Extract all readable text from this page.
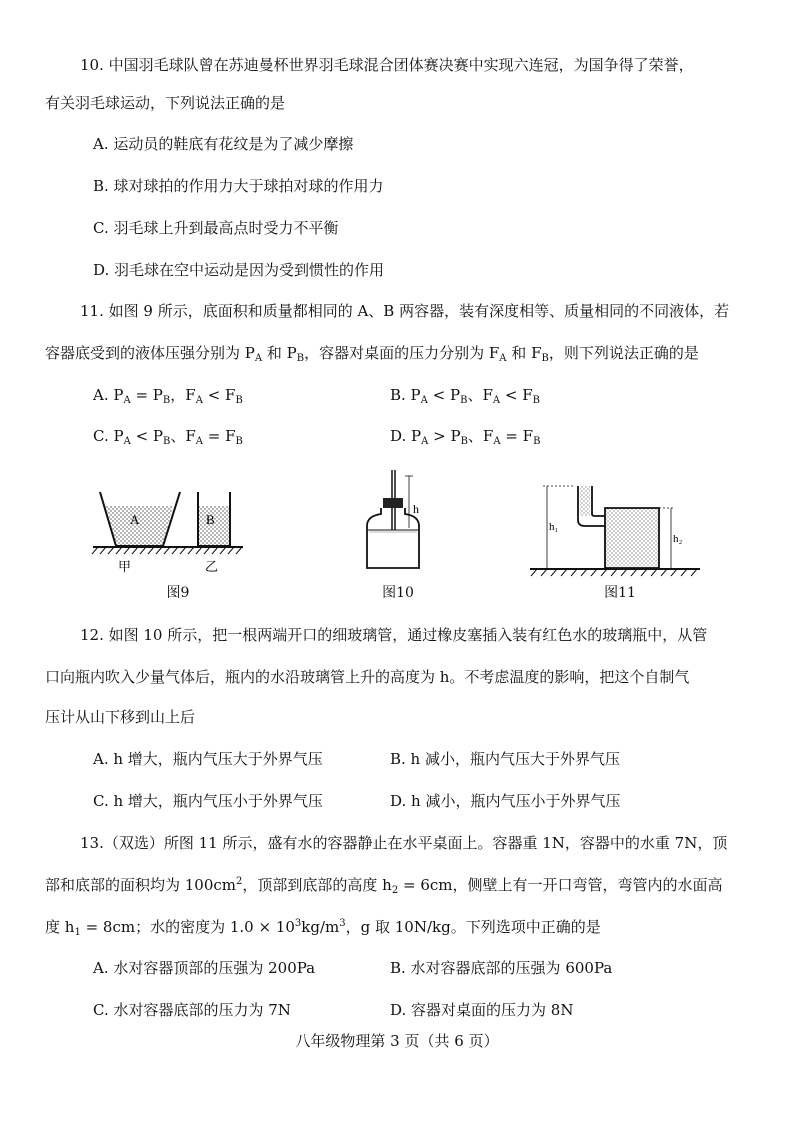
10. 中国羽毛球队曾在苏迪曼杯世界羽毛球混合团体赛决赛中实现六连冠，为国争得了荣誉，
有关羽毛球运动，下列说法正确的是
A. 运动员的鞋底有花纹是为了减少摩擦
B. 球对球拍的作用力大于球拍对球的作用力
C. 羽毛球上升到最高点时受力不平衡
D. 羽毛球在空中运动是因为受到惯性的作用
11. 如图 9 所示，底面积和质量都相同的 A、B 两容器，装有深度相等、质量相同的不同液体，若
容器底受到的液体压强分别为 $P_A$ 和 $P_B$，容器对桌面的压力分别为 $F_A$ 和 $F_B$，则下列说法正确的是
A. $P_A = P_B$，$F_A < F_B$	B. $P_A < P_B$、$F_A < F_B$
C. $P_A < P_B$、$F_A = F_B$	D. $P_A > P_B$、$F_A = F_B$
A	B
甲	乙
图9
h
图10
h₁
h₂
图11
12. 如图 10 所示，把一根两端开口的细玻璃管，通过橡皮塞插入装有红色水的玻璃瓶中，从管
口向瓶内吹入少量气体后，瓶内的水沿玻璃管上升的高度为 h。不考虑温度的影响，把这个自制气
压计从山下移到山上后
A. h 增大，瓶内气压大于外界气压	B. h 减小，瓶内气压大于外界气压
C. h 增大，瓶内气压小于外界气压	D. h 减小，瓶内气压小于外界气压
13.（双选）所图 11 所示，盛有水的容器静止在水平桌面上。容器重 1N，容器中的水重 7N，顶
部和底部的面积均为 $100cm^2$，顶部到底部的高度 $h_2 = 6cm$，侧壁上有一开口弯管，弯管内的水面高
度 $h_1 = 8cm$；水的密度为 $1.0 \times 10^3kg/m^3$，g 取 10N/kg。下列选项中正确的是
A. 水对容器顶部的压强为 200Pa	B. 水对容器底部的压强为 600Pa
C. 水对容器底部的压力为 7N	D. 容器对桌面的压力为 8N
八年级物理第 3 页（共 6 页）
